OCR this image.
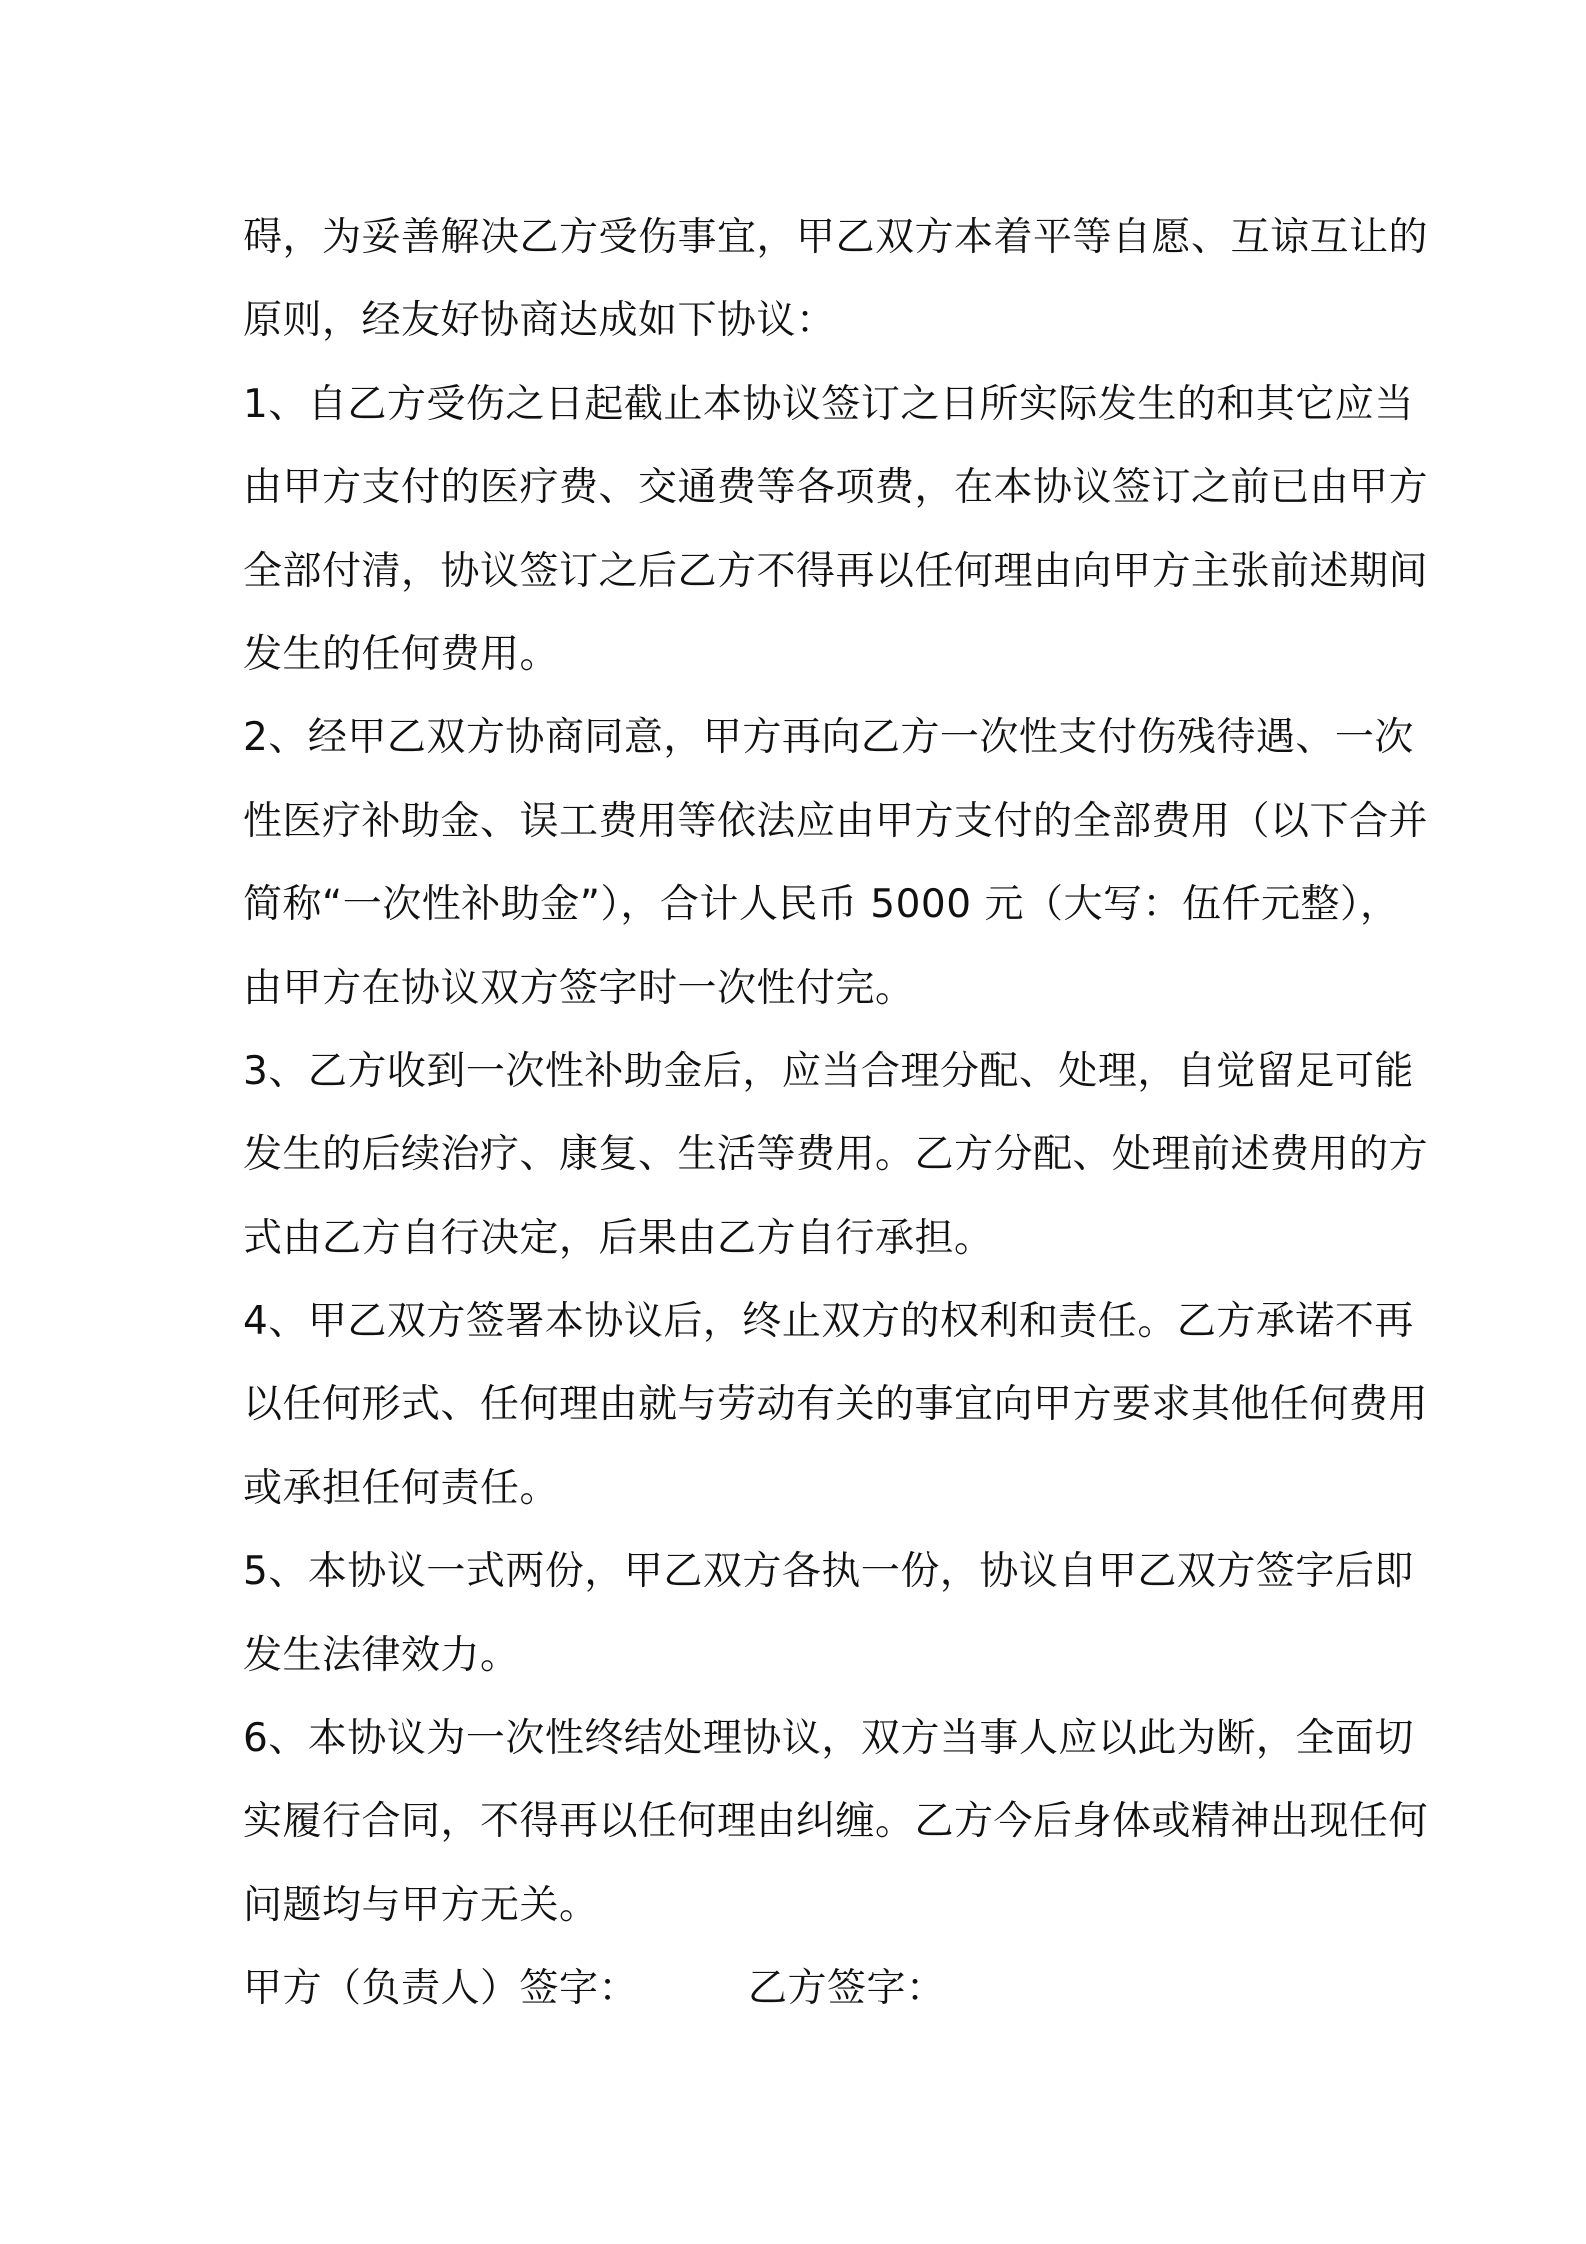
碍，为妥善解决乙方受伤事宜，甲乙双方本着平等自愿、互谅互让的
原则，经友好协商达成如下协议：
1、自乙方受伤之日起截止本协议签订之日所实际发生的和其它应当
由甲方支付的医疗费、交通费等各项费，在本协议签订之前已由甲方
全部付清，协议签订之后乙方不得再以任何理由向甲方主张前述期间
发生的任何费用。
2、经甲乙双方协商同意，甲方再向乙方一次性支付伤残待遇、一次
性医疗补助金、误工费用等依法应由甲方支付的全部费用（以下合并
简称“一次性补助金”），合计人民币 5000 元（大写：伍仟元整），
由甲方在协议双方签字时一次性付完。
3、乙方收到一次性补助金后，应当合理分配、处理，自觉留足可能
发生的后续治疗、康复、生活等费用。乙方分配、处理前述费用的方
式由乙方自行决定，后果由乙方自行承担。
4、甲乙双方签署本协议后，终止双方的权利和责任。乙方承诺不再
以任何形式、任何理由就与劳动有关的事宜向甲方要求其他任何费用
或承担任何责任。
5、本协议一式两份，甲乙双方各执一份，协议自甲乙双方签字后即
发生法律效力。
6、本协议为一次性终结处理协议，双方当事人应以此为断，全面切
实履行合同，不得再以任何理由纠缠。乙方今后身体或精神出现任何
问题均与甲方无关。
甲方（负责人）签字：	乙方签字：
